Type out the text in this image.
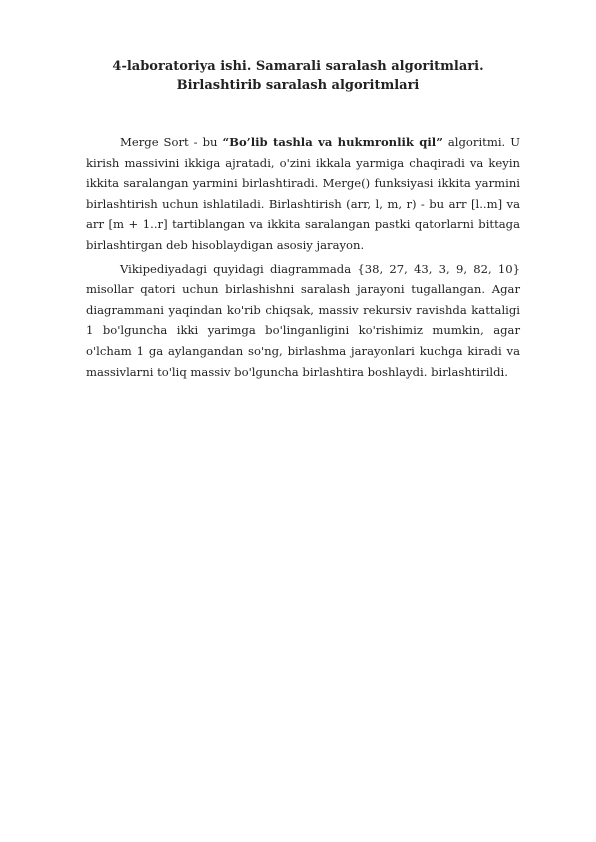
4-laboratoriya ishi. Samarali saralash algoritmlari. Birlashtirib saralash algoritmlari

Merge Sort - bu “Bo’lib tashla va hukmronlik qil” algoritmi. U kirish massivini ikkiga ajratadi, o'zini ikkala yarmiga chaqiradi va keyin ikkita saralangan yarmini birlashtiradi. Merge() funksiyasi ikkita yarmini birlashtirish uchun ishlatiladi. Birlashtirish (arr, l, m, r) - bu arr [l..m] va arr [m + 1..r] tartiblangan va ikkita saralangan pastki qatorlarni bittaga birlashtirgan deb hisoblaydigan asosiy jarayon.

Vikipediyadagi quyidagi diagrammada {38, 27, 43, 3, 9, 82, 10} misollar qatori uchun birlashishni saralash jarayoni tugallangan. Agar diagrammani yaqindan ko'rib chiqsak, massiv rekursiv ravishda kattaligi 1 bo'lguncha ikki yarimga bo'linganligini ko'rishimiz mumkin, agar o'lcham 1 ga aylangandan so'ng, birlashma jarayonlari kuchga kiradi va massivlarni to'liq massiv bo'lguncha birlashtira boshlaydi. birlashtirildi.
